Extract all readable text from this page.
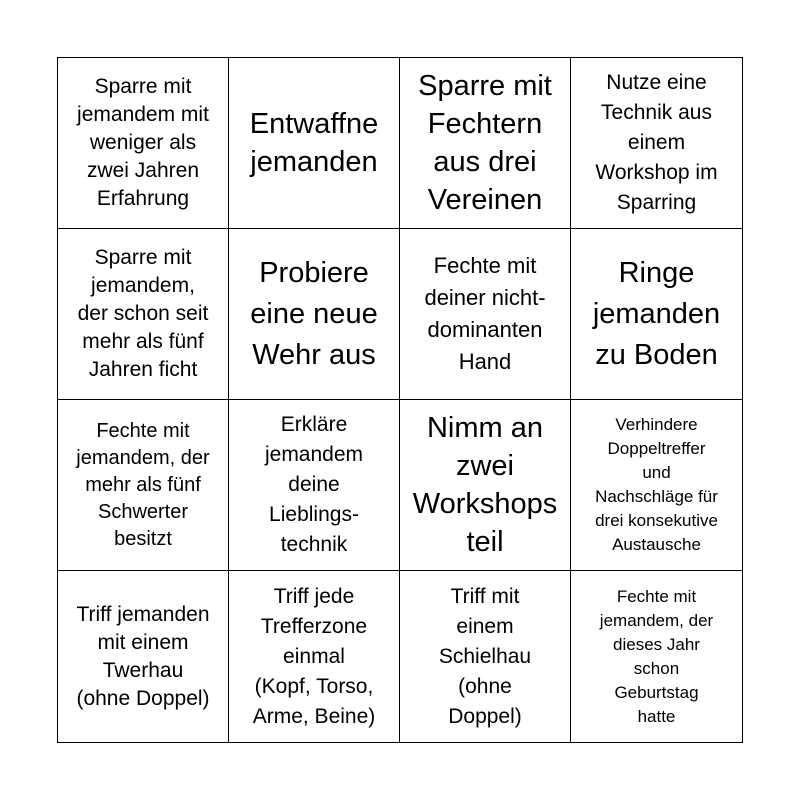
Sparre mit
jemandem mit
weniger als
zwei Jahren
Erfahrung
Entwaffne
jemanden
Sparre mit
Fechtern
aus drei
Vereinen
Nutze eine
Technik aus
einem
Workshop im
Sparring
Sparre mit
jemandem,
der schon seit
mehr als fünf
Jahren ficht
Probiere
eine neue
Wehr aus
Fechte mit
deiner nicht-
dominanten
Hand
Ringe
jemanden
zu Boden
Fechte mit
jemandem, der
mehr als fünf
Schwerter
besitzt
Erkläre
jemandem
deine
Lieblings-
technik
Nimm an
zwei
Workshops
teil
Verhindere
Doppeltreffer
und
Nachschläge für
drei konsekutive
Austausche
Triff jemanden
mit einem
Twerhau
(ohne Doppel)
Triff jede
Trefferzone
einmal
(Kopf, Torso,
Arme, Beine)
Triff mit
einem
Schielhau
(ohne
Doppel)
Fechte mit
jemandem, der
dieses Jahr
schon
Geburtstag
hatte
